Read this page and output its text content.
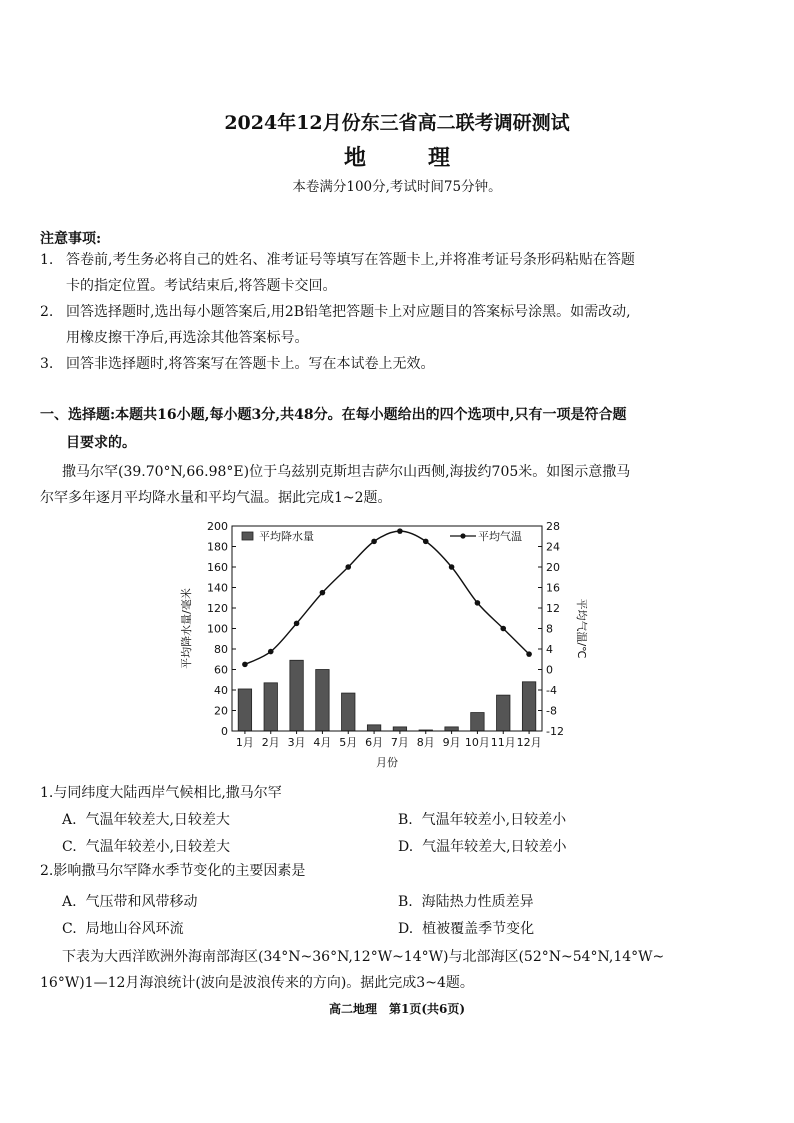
2024年12月份东三省高二联考调研测试
地　理
本卷满分100分,考试时间75分钟。
注意事项:
1. 答卷前,考生务必将自己的姓名、准考证号等填写在答题卡上,并将准考证号条形码粘贴在答题
卡的指定位置。考试结束后,将答题卡交回。
2. 回答选择题时,选出每小题答案后,用2B铅笔把答题卡上对应题目的答案标号涂黑。如需改动,
用橡皮擦干净后,再选涂其他答案标号。
3. 回答非选择题时,将答案写在答题卡上。写在本试卷上无效。
一、选择题:本题共16小题,每小题3分,共48分。在每小题给出的四个选项中,只有一项是符合题
目要求的。
撒马尔罕(39.70°N,66.98°E)位于乌兹别克斯坦吉萨尔山西侧,海拔约705米。如图示意撒马
尔罕多年逐月平均降水量和平均气温。据此完成1~2题。
0
20
40
60
80
100
120
140
160
180
200
-12
-8
-4
0
4
8
12
16
20
24
28
1月 2月 3月 4月 5月 6月 7月 8月 9月 10月 11月 12月
平均降水量	平均气温
月份
平均降水量/毫米	平均气温/℃
1.与同纬度大陆西岸气候相比,撒马尔罕
A. 气温年较差大,日较差大	B. 气温年较差小,日较差小
C. 气温年较差小,日较差大	D. 气温年较差大,日较差小
2.影响撒马尔罕降水季节变化的主要因素是
A. 气压带和风带移动	B. 海陆热力性质差异
C. 局地山谷风环流	D. 植被覆盖季节变化
下表为大西洋欧洲外海南部海区(34°N~36°N,12°W~14°W)与北部海区(52°N~54°N,14°W~
16°W)1—12月海浪统计(波向是波浪传来的方向)。据此完成3~4题。
高二地理　第1页(共6页)
